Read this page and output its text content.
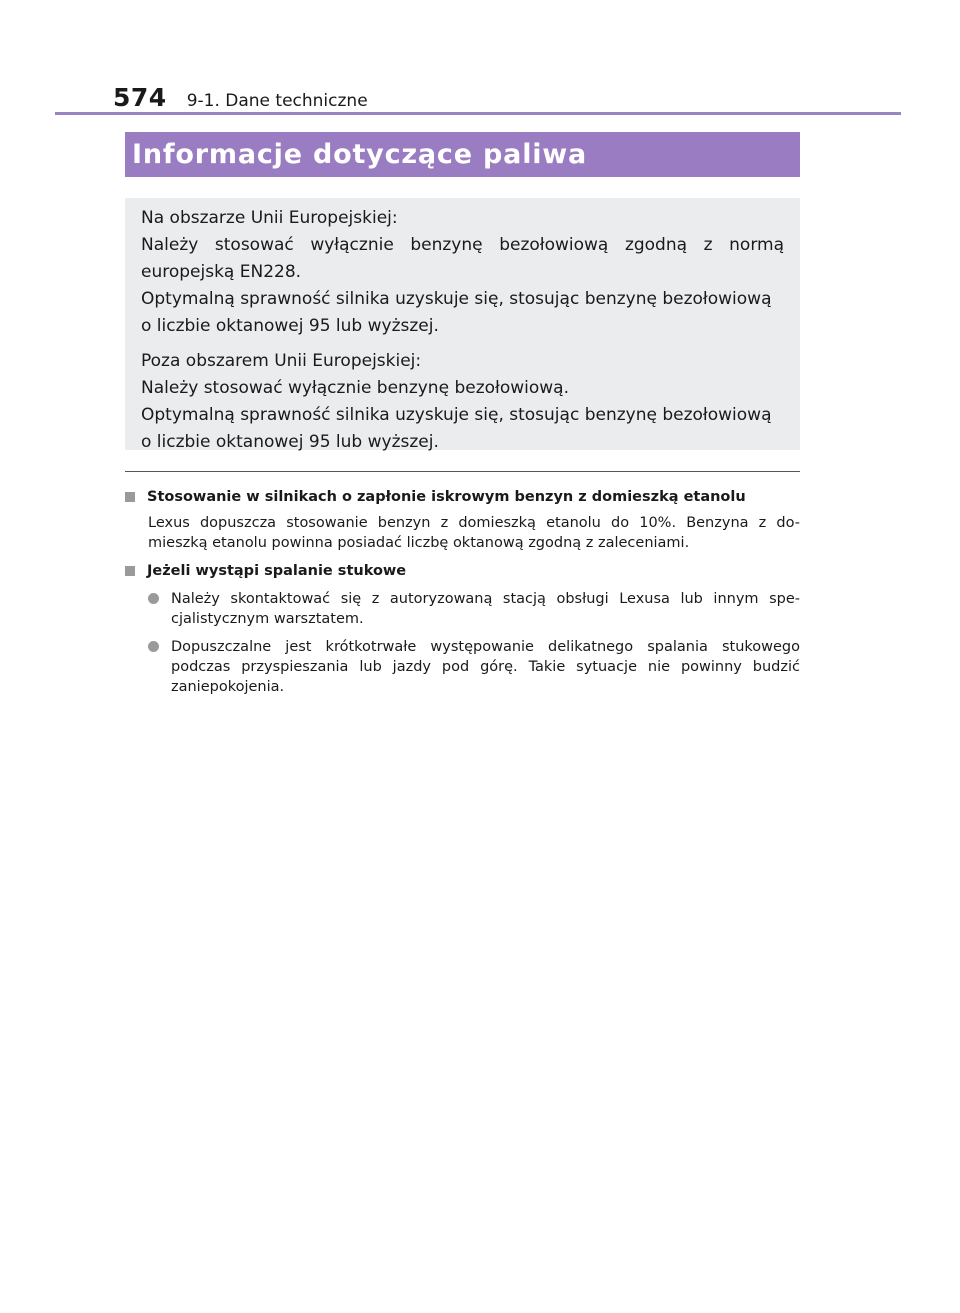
574 9-1. Dane techniczne
Informacje dotyczące paliwa

Na obszarze Unii Europejskiej:

Należy stosować wyłącznie benzynę bezołowiową zgodną z normą

europejską EN228.

Optymalną sprawność silnika uzyskuje się, stosując benzynę bezołowiową

o liczbie oktanowej 95 lub wyższej.

Poza obszarem Unii Europejskiej:

Należy stosować wyłącznie benzynę bezołowiową.

Optymalną sprawność silnika uzyskuje się, stosując benzynę bezołowiową

o liczbie oktanowej 95 lub wyższej.

Stosowanie w silnikach o zapłonie iskrowym benzyn z domieszką etanolu
Lexus dopuszcza stosowanie benzyn z domieszką etanolu do 10%. Benzyna z do-
mieszką etanolu powinna posiadać liczbę oktanową zgodną z zaleceniami.
Jeżeli wystąpi spalanie stukowe
Należy skontaktować się z autoryzowaną stacją obsługi Lexusa lub innym spe-
cjalistycznym warsztatem.
Dopuszczalne jest krótkotrwałe występowanie delikatnego spalania stukowego
podczas przyspieszania lub jazdy pod górę. Takie sytuacje nie powinny budzić
zaniepokojenia.
